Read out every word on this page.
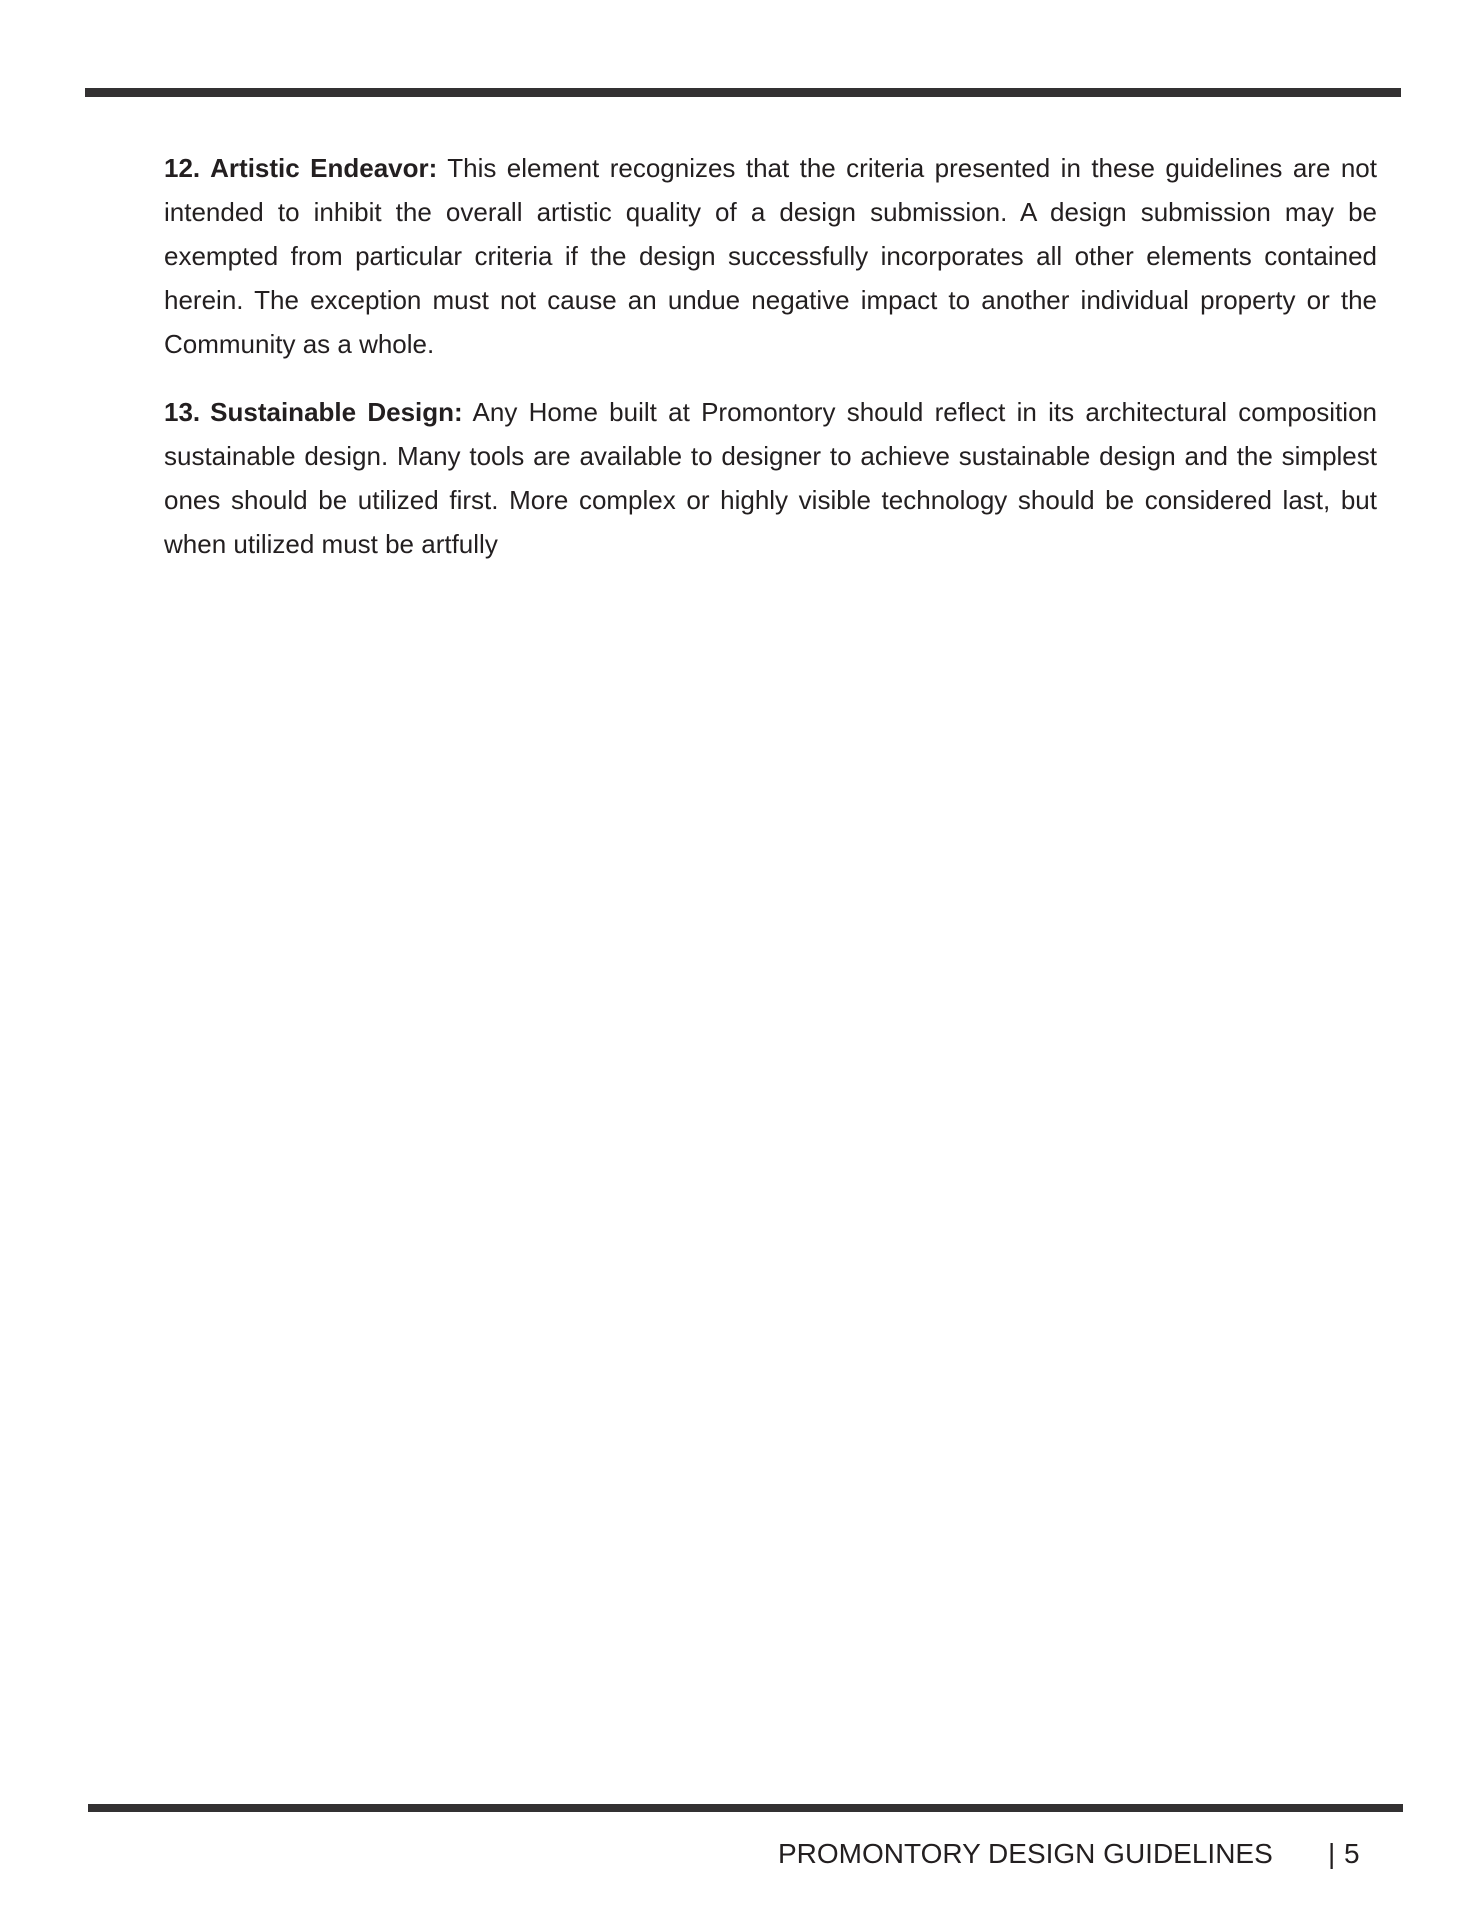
12. Artistic Endeavor: This element recognizes that the criteria presented in these guidelines are not intended to inhibit the overall artistic quality of a design submission. A design submission may be exempted from particular criteria if the design successfully incorporates all other elements contained herein. The exception must not cause an undue negative impact to another individual property or the Community as a whole.

13. Sustainable Design: Any Home built at Promontory should reflect in its architectural composition sustainable design. Many tools are available to designer to achieve sustainable design and the simplest ones should be utilized first. More complex or highly visible technology should be considered last, but when utilized must be artfully

PROMONTORY DESIGN GUIDELINES | 5
